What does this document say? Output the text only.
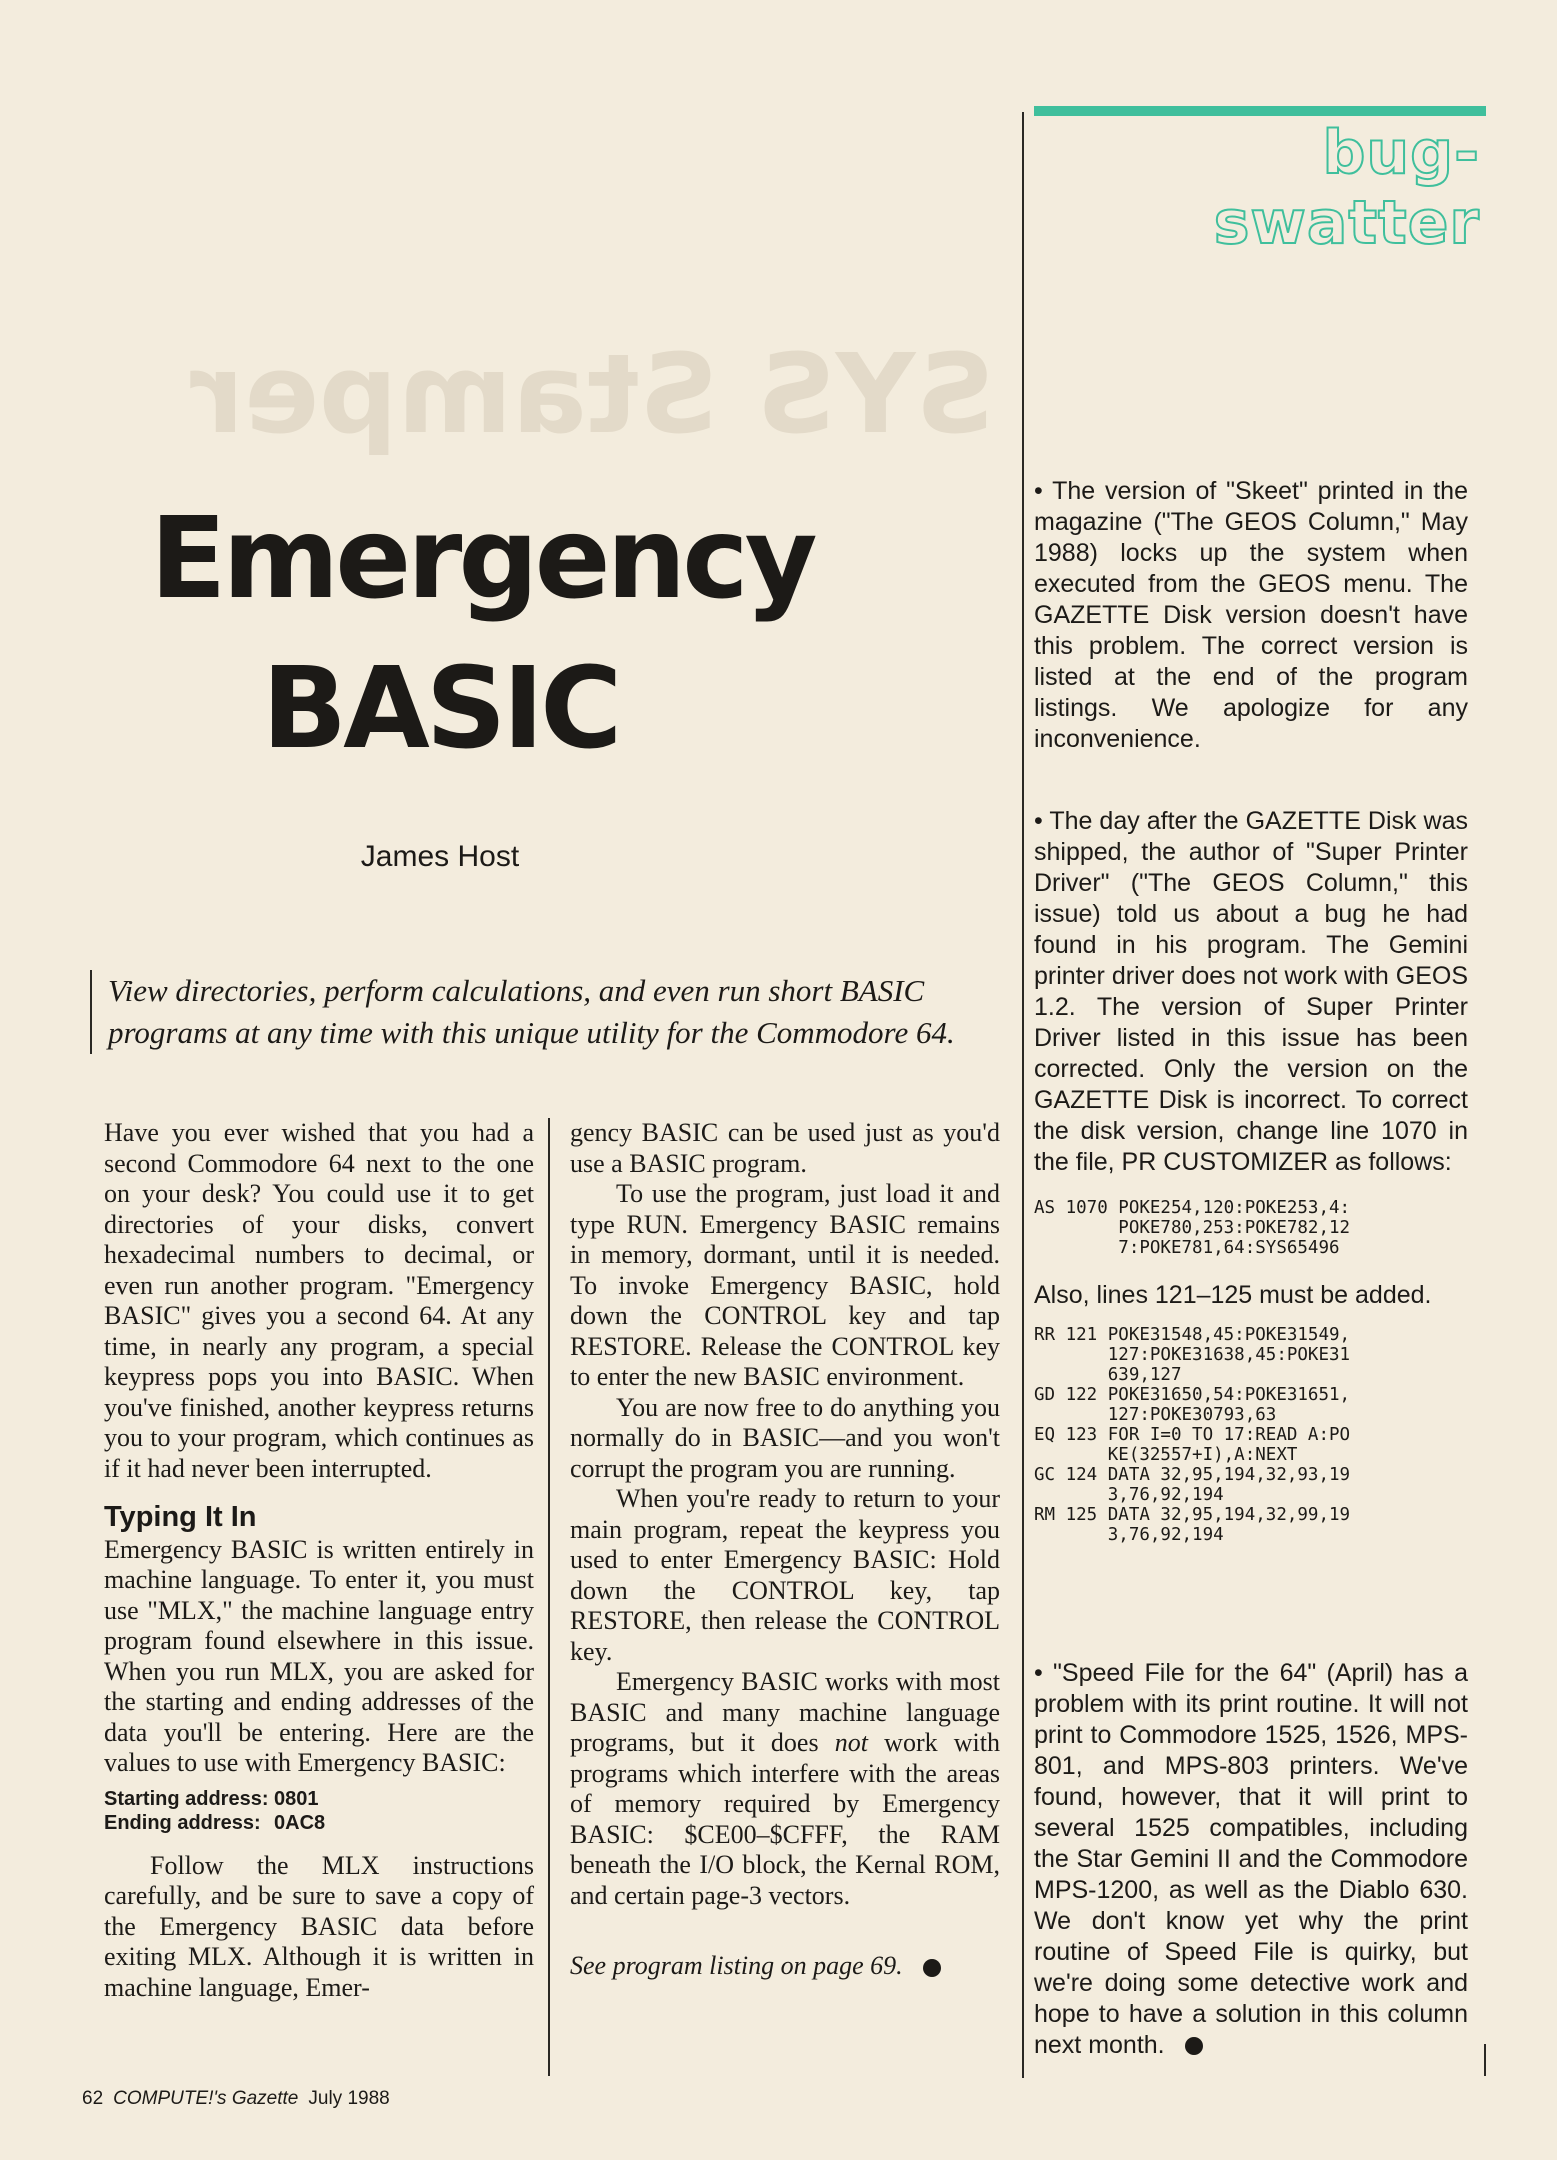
SYS Stamper
Emergency
BASIC
James Host
View directories, perform calculations, and even run short BASIC programs at any time with this unique utility for the Commodore 64.

Have you ever wished that you had a second Commodore 64 next to the one on your desk? You could use it to get directories of your disks, convert hexadecimal numbers to decimal, or even run another program. "Emergency BASIC" gives you a second 64. At any time, in nearly any program, a special keypress pops you into BASIC. When you've finished, another keypress returns you to your program, which continues as if it had never been interrupted.

Typing It In

Emergency BASIC is written entirely in machine language. To enter it, you must use "MLX," the machine language entry program found elsewhere in this issue. When you run MLX, you are asked for the starting and ending addresses of the data you'll be entering. Here are the values to use with Emergency BASIC:

Starting address: 0801
Ending address: 0AC8

Follow the MLX instructions carefully, and be sure to save a copy of the Emergency BASIC data before exiting MLX. Although it is written in machine language, Emer-

gency BASIC can be used just as you'd use a BASIC program.

To use the program, just load it and type RUN. Emergency BASIC remains in memory, dormant, until it is needed. To invoke Emergency BASIC, hold down the CONTROL key and tap RESTORE. Release the CONTROL key to enter the new BASIC environment.

You are now free to do anything you normally do in BASIC—and you won't corrupt the program you are running.

When you're ready to return to your main program, repeat the keypress you used to enter Emergency BASIC: Hold down the CONTROL key, tap RESTORE, then release the CONTROL key.

Emergency BASIC works with most BASIC and many machine language programs, but it does not work with programs which interfere with the areas of memory required by Emergency BASIC: $CE00–$CFFF, the RAM beneath the I/O block, the Kernal ROM, and certain page-3 vectors.

See program listing on page 69.

bug-swatter

• The version of "Skeet" printed in the magazine ("The GEOS Column," May 1988) locks up the system when executed from the GEOS menu. The GAZETTE Disk version doesn't have this problem. The correct version is listed at the end of the program listings. We apologize for any inconvenience.

• The day after the GAZETTE Disk was shipped, the author of "Super Printer Driver" ("The GEOS Column," this issue) told us about a bug he had found in his program. The Gemini printer driver does not work with GEOS 1.2. The version of Super Printer Driver listed in this issue has been corrected. Only the version on the GAZETTE Disk is incorrect. To correct the disk version, change line 1070 in the file, PR CUSTOMIZER as follows:

AS 1070 POKE254,120:POKE253,4:
POKE780,253:POKE782,12
7:POKE781,64:SYS65496

Also, lines 121–125 must be added.

RR 121 POKE31548,45:POKE31549,
127:POKE31638,45:POKE31
639,127
GD 122 POKE31650,54:POKE31651,
127:POKE30793,63
EQ 123 FOR I=0 TO 17:READ A:PO
KE(32557+I),A:NEXT
GC 124 DATA 32,95,194,32,93,19
3,76,92,194
RM 125 DATA 32,95,194,32,99,19
3,76,92,194

• "Speed File for the 64" (April) has a problem with its print routine. It will not print to Commodore 1525, 1526, MPS-801, and MPS-803 printers. We've found, however, that it will print to several 1525 compatibles, including the Star Gemini II and the Commodore MPS-1200, as well as the Diablo 630. We don't know yet why the print routine of Speed File is quirky, but we're doing some detective work and hope to have a solution in this column next month.

62 COMPUTE!'s Gazette July 1988
